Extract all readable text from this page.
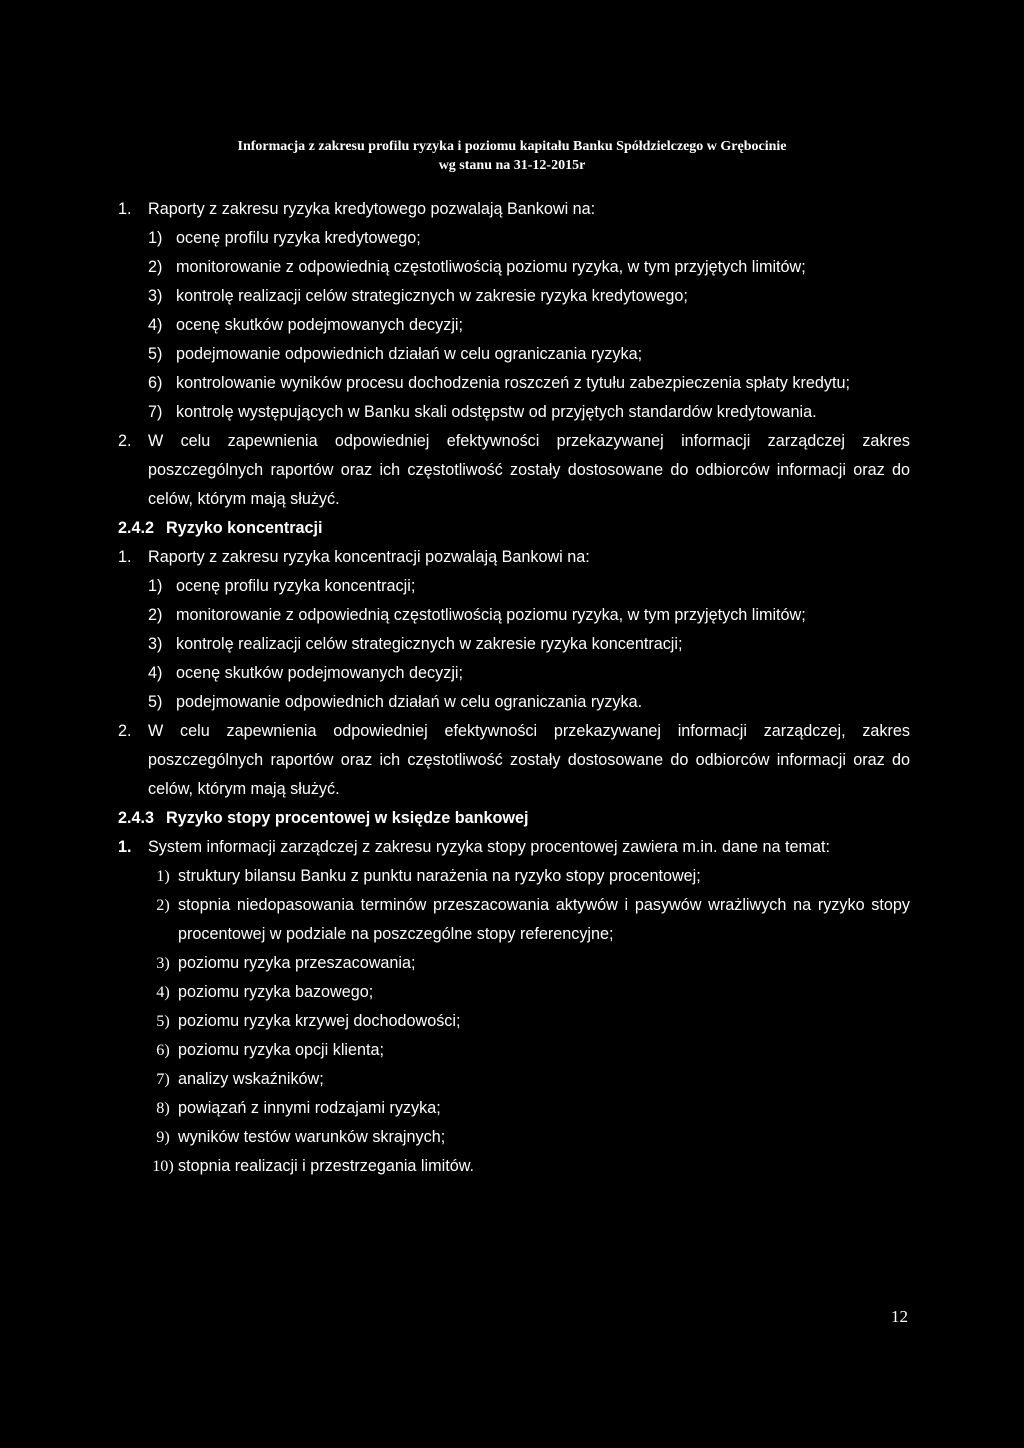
Informacja z zakresu profilu ryzyka i poziomu kapitału Banku Spółdzielczego w Grębocinie
wg stanu na 31-12-2015r
1.	Raporty z zakresu ryzyka kredytowego pozwalają Bankowi na:
1) ocenę profilu ryzyka kredytowego;
2) monitorowanie z odpowiednią częstotliwością poziomu ryzyka, w tym przyjętych limitów;
3) kontrolę realizacji celów strategicznych w zakresie ryzyka kredytowego;
4) ocenę skutków podejmowanych decyzji;
5) podejmowanie odpowiednich działań w celu ograniczania ryzyka;
6) kontrolowanie wyników procesu dochodzenia roszczeń z tytułu zabezpieczenia spłaty kredytu;
7) kontrolę występujących w Banku skali odstępstw od przyjętych standardów kredytowania.
2.	W celu zapewnienia odpowiedniej efektywności przekazywanej informacji zarządczej zakres poszczególnych raportów oraz ich częstotliwość zostały dostosowane do odbiorców informacji oraz do celów, którym mają służyć.
2.4.2 Ryzyko koncentracji
1.	Raporty z zakresu ryzyka koncentracji pozwalają Bankowi na:
1) ocenę profilu ryzyka koncentracji;
2) monitorowanie z odpowiednią częstotliwością poziomu ryzyka, w tym przyjętych limitów;
3) kontrolę realizacji celów strategicznych w zakresie ryzyka koncentracji;
4) ocenę skutków podejmowanych decyzji;
5) podejmowanie odpowiednich działań w celu ograniczania ryzyka.
2.	W celu zapewnienia odpowiedniej efektywności przekazywanej informacji zarządczej, zakres poszczególnych raportów oraz ich częstotliwość zostały dostosowane do odbiorców informacji oraz do celów, którym mają służyć.
2.4.3 Ryzyko stopy procentowej w księdze bankowej
1.	System informacji zarządczej z zakresu ryzyka stopy procentowej zawiera m.in. dane na temat:
1) struktury bilansu Banku z punktu narażenia na ryzyko stopy procentowej;
2) stopnia niedopasowania terminów przeszacowania aktywów i pasywów wrażliwych na ryzyko stopy procentowej w podziale na poszczególne stopy referencyjne;
3) poziomu ryzyka przeszacowania;
4) poziomu ryzyka bazowego;
5) poziomu ryzyka krzywej dochodowości;
6) poziomu ryzyka opcji klienta;
7) analizy wskaźników;
8) powiązań z innymi rodzajami ryzyka;
9) wyników testów warunków skrajnych;
10) stopnia realizacji i przestrzegania limitów.
12
